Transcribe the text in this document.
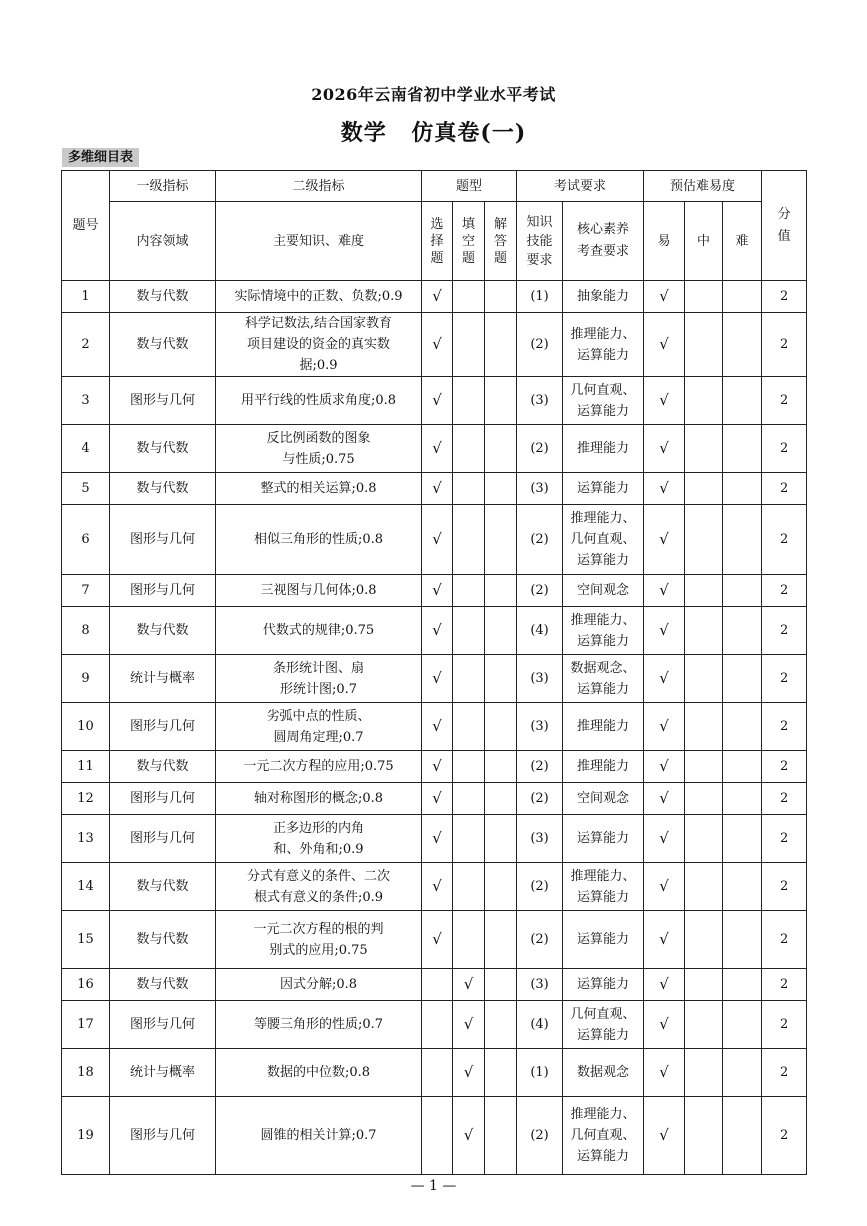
2026年云南省初中学业水平考试
数学 仿真卷(一)
多维细目表
题号	一级指标	二级指标	题型			考试要求		预估难易度			分值

	内容领域	主要知识、难度	选择题	填空题	解答题	知识技能要求	核心素养考查要求	易	中	难	
1	数与代数	实际情境中的正数、负数;0.9	√			(1)	抽象能力	√			2
2	数与代数	科学记数法,结合国家教育项目建设的资金的真实数据;0.9	√			(2)	推理能力、运算能力	√			2
3	图形与几何	用平行线的性质求角度;0.8	√			(3)	几何直观、运算能力	√			2
4	数与代数	反比例函数的图象与性质;0.75	√			(2)	推理能力	√			2
5	数与代数	整式的相关运算;0.8	√			(3)	运算能力	√			2
6	图形与几何	相似三角形的性质;0.8	√			(2)	推理能力、几何直观、运算能力	√			2
7	图形与几何	三视图与几何体;0.8	√			(2)	空间观念	√			2
8	数与代数	代数式的规律;0.75	√			(4)	推理能力、运算能力	√			2
9	统计与概率	条形统计图、扇形统计图;0.7	√			(3)	数据观念、运算能力	√			2
10	图形与几何	劣弧中点的性质、圆周角定理;0.7	√			(3)	推理能力	√			2
11	数与代数	一元二次方程的应用;0.75	√			(2)	推理能力	√			2
12	图形与几何	轴对称图形的概念;0.8	√			(2)	空间观念	√			2
13	图形与几何	正多边形的内角和、外角和;0.9	√			(3)	运算能力	√			2
14	数与代数	分式有意义的条件、二次根式有意义的条件;0.9	√			(2)	推理能力、运算能力	√			2
15	数与代数	一元二次方程的根的判别式的应用;0.75	√			(2)	运算能力	√			2
16	数与代数	因式分解;0.8		√		(3)	运算能力	√			2
17	图形与几何	等腰三角形的性质;0.7		√		(4)	几何直观、运算能力	√			2
18	统计与概率	数据的中位数;0.8		√		(1)	数据观念	√			2
19	图形与几何	圆锥的相关计算;0.7		√		(2)	推理能力、几何直观、运算能力	√			2
— 1 —
